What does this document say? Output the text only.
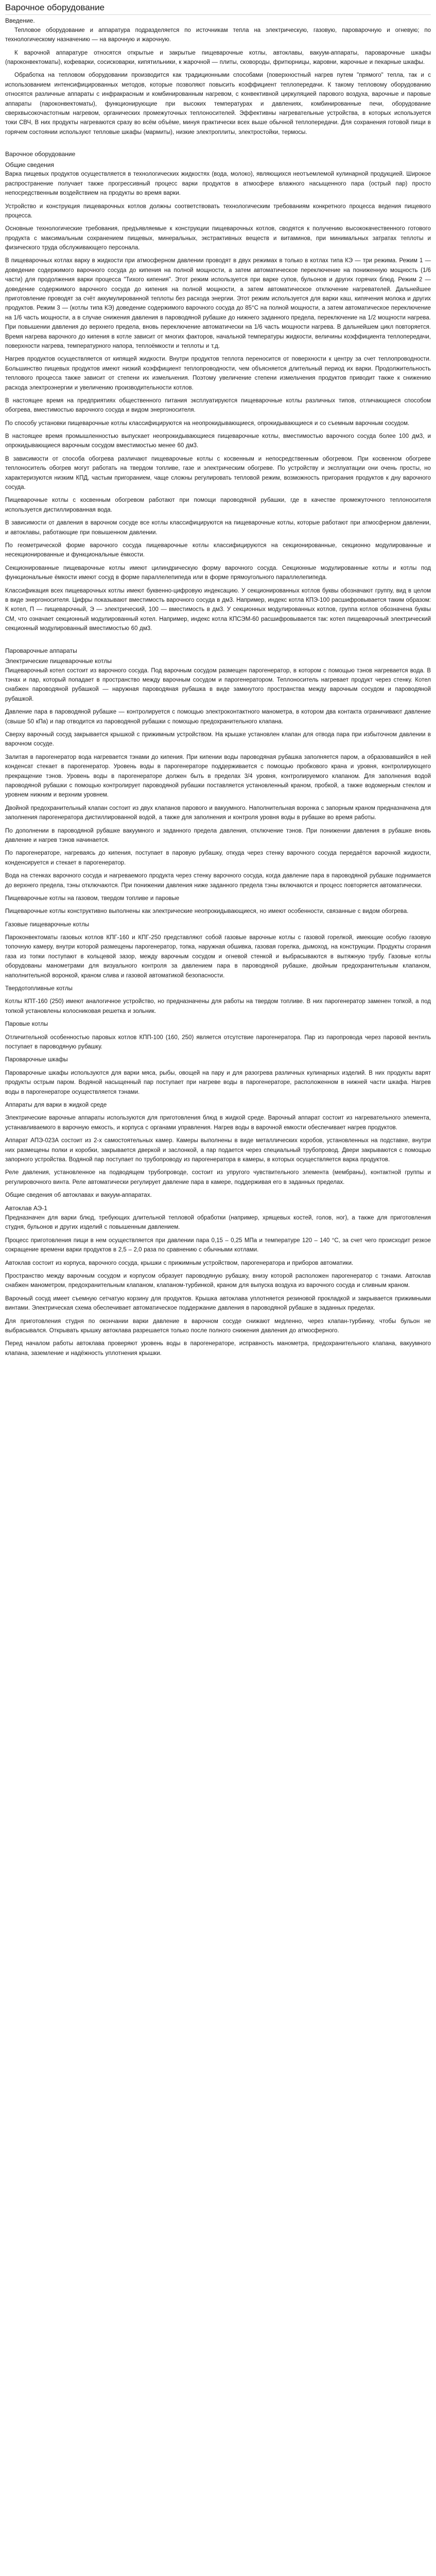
Варочное оборудование

Введение.

Тепловое оборудование и аппаратура подразделяется по источникам тепла на электрическую, газовую, пароварочную и огневую; по технологическому назначению — на варочную и жарочную.

К варочной аппаратуре относятся открытые и закрытые пищеварочные котлы, автоклавы, вакуум-аппараты, пароварочные шкафы (пароконвектоматы), кофеварки, сосисковарки, кипятильники, к жарочной — плиты, сковороды, фритюрницы, жаровни, жарочные и пекарные шкафы.

Обработка на тепловом оборудовании производится как традиционными способами (поверхностный нагрев путем "прямого" тепла, так и с использованием интенсифицированных методов, которые позволяют повысить коэффициент теплопередачи. К такому тепловому оборудованию относятся различные аппараты с инфракрасным и комбинированным нагревом, с конвективной циркуляцией парового воздуха, варочные и паровые аппараты (пароконвектоматы), функционирующие при высоких температурах и давлениях, комбинированные печи, оборудование сверхвысокочастотным нагревом, органических промежуточных теплоносителей. Эффективны нагревательные устройства, в которых используется токи СВЧ, В них продукты нагреваются сразу во всём объёме, минуя практически всех выше обычной теплопередачи. Для сохранения готовой пищи в горячем состоянии используют тепловые шкафы (мармиты), низкие электроплиты, электростойки, термосы.

Варочное оборудование

Общие сведения

Варка пищевых продуктов осуществляется в технологических жидкостях (вода, молоко), являющихся неотъемлемой кулинарной продукцией. Широкое распространение получает также прогрессивный процесс варки продуктов в атмосфере влажного насыщенного пара (острый пар) просто непосредственным воздействием на продукты во время варки.

Устройство и конструкция пищеварочных котлов должны соответствовать технологическим требованиям конкретного процесса ведения пищевого процесса.

Основные технологические требования, предъявляемые к конструкции пищеварочных котлов, сводятся к получению высококачественного готового продукта с максимальным сохранением пищевых, минеральных, экстрактивных веществ и витаминов, при минимальных затратах теплоты и физического труда обслуживающего персонала.

В пищеварочных котлах варку в жидкости при атмосферном давлении проводят в двух режимах в только в котлах типа КЭ — три режима. Режим 1 — доведение содержимого варочного сосуда до кипения на полной мощности, а затем автоматическое переключение на пониженную мощность (1/6 части) для продолжения варки процесса "Тихого кипения". Этот режим используется при варке супов, бульонов и других горячих блюд. Режим 2 — доведение содержимого варочного сосуда до кипения на полной мощности, а затем автоматическое отключение нагревателей. Дальнейшее приготовление проводят за счёт аккумулированной теплоты без расхода энергии. Этот режим используется для варки каш, кипячения молока и других продуктов. Режим 3 — (котлы типа КЭ) доведение содержимого варочного сосуда до 85°С на полной мощности, а затем автоматическое переключение на 1/6 часть мощности, а в случае снижения давления в пароводяной рубашке до нижнего заданного предела, переключение на 1/2 мощности нагрева. При повышении давления до верхнего предела, вновь переключение автоматически на 1/6 часть мощности нагрева. В дальнейшем цикл повторяется. Время нагрева варочного до кипения в котле зависит от многих факторов, начальной температуры жидкости, величины коэффициента теплопередачи, поверхности нагрева, температурного напора, теплоёмкости и теплоты и т.д.

Нагрев продуктов осуществляется от кипящей жидкости. Внутри продуктов теплота переносится от поверхности к центру за счет теплопроводности. Большинство пищевых продуктов имеют низкий коэффициент теплопроводности, чем объясняется длительный период их варки. Продолжительность теплового процесса также зависит от степени их измельчения. Поэтому увеличение степени измельчения продуктов приводит также к снижению расхода электроэнергии и увеличению производительности котлов.

В настоящее время на предприятиях общественного питания эксплуатируются пищеварочные котлы различных типов, отличающиеся способом обогрева, вместимостью варочного сосуда и видом энергоносителя.

По способу установки пищеварочные котлы классифицируются на неопрокидывающиеся, опрокидывающиеся и со съемным варочным сосудом.

В настоящее время промышленностью выпускает неопрокидывающиеся пищеварочные котлы, вместимостью варочного сосуда более 100 дм3, и опрокидывающиеся варочным сосудом вместимостью менее 60 дм3.

В зависимости от способа обогрева различают пищеварочные котлы с косвенным и непосредственным обогревом. При косвенном обогреве теплоноситель обогрев могут работать на твердом топливе, газе и электрическим обогреве. По устройству и эксплуатации они очень просты, но характеризуются низким КПД, частым пригоранием, чаще сложны регулировать тепловой режим, возможность пригорания продуктов к дну варочного сосуда.

Пищеварочные котлы с косвенным обогревом работают при помощи пароводяной рубашки, где в качестве промежуточного теплоносителя используется дистиллированная вода.

В зависимости от давления в варочном сосуде все котлы классифицируются на пищеварочные котлы, которые работают при атмосферном давлении, и автоклавы, работающие при повышенном давлении.

По геометрической форме варочного сосуда пищеварочные котлы классифицируются на секционированные, секционно модулированные и несекционированные и функциональные ёмкости.

Секционированные пищеварочные котлы имеют цилиндрическую форму варочного сосуда. Секционные модулированные котлы и котлы под функциональные ёмкости имеют сосуд в форме параллелепипеда или в форме прямоугольного параллелепипеда.

Классификация всех пищеварочных котлы имеют буквенно-цифровую индексацию. У секционированных котлов буквы обозначают группу, вид в целом в виде энергоносителя. Цифры показывают вместимость варочного сосуда в дм3. Например, индекс котла КПЭ-100 расшифровывается таким образом: К котел, П — пищеварочный, Э — электрический, 100 — вместимость в дм3. У секционных модулированных котлов, группа котлов обозначена буквы СМ, что означает секционный модулированный котел. Например, индекс котла КПСЭМ-60 расшифровывается так: котел пищеварочный электрический секционный модулированный вместимостью 60 дм3.

Пароварочные аппараты

Электрические пищеварочные котлы

Пищеварочный котел состоит из варочного сосуда. Под варочным сосудом размещен парогенератор, в котором с помощью тэнов нагревается вода. В тэнах и пар, который попадает в пространство между варочным сосудом и парогенератором. Теплоноситель нагревает продукт через стенку. Котел снабжен пароводяной рубашкой — наружная пароводяная рубашка в виде замкнутого пространства между варочным сосудом и пароводяной рубашкой.

Давление пара в пароводяной рубашке — контролируется с помощью электроконтактного манометра, в котором два контакта ограничивают давление (свыше 50 кПа) и пар отводится из пароводяной рубашки с помощью предохранительного клапана.

Сверху варочный сосуд закрывается крышкой с прижимным устройством. На крышке установлен клапан для отвода пара при избыточном давлении в варочном сосуде.

Залитая в парогенератор вода нагревается тэнами до кипения. При кипении воды пароводяная рубашка заполняется паром, а образовавшийся в ней конденсат стекает в парогенератор. Уровень воды в парогенераторе поддерживается с помощью пробкового крана и уровня, контролирующего прекращение тэнов. Уровень воды в парогенераторе должен быть в пределах 3/4 уровня, контролируемого клапаном. Для заполнения водой пароводяной рубашки с помощью контролирует пароводяной рубашки поставляется установленный краном, пробкой, а также водомерным стеклом и уровнем нижним и верхним уровнем.

Двойной предохранительный клапан состоит из двух клапанов парового и вакуумного. Наполнительная воронка с запорным краном предназначена для заполнения парогенератора дистиллированной водой, а также для заполнения и контроля уровня воды в рубашке во время работы.

По дополнении в пароводяной рубашке вакуумного и заданного предела давления, отключение тэнов. При понижении давления в рубашке вновь давление и нагрев тэнов начинается.

По парогенераторе, нагреваясь до кипения, поступает в паровую рубашку, откуда через стенку варочного сосуда передаётся варочной жидкости, конденсируется и стекает в парогенератор.

Вода на стенках варочного сосуда и нагреваемого продукта через стенку варочного сосуда, когда давление пара в пароводяной рубашке поднимается до верхнего предела, тэны отключаются. При понижении давления ниже заданного предела тэны включаются и процесс повторяется автоматически.

Пищеварочные котлы на газовом, твердом топливе и паровые

Пищеварочные котлы конструктивно выполнены как электрические неопрокидывающиеся, но имеют особенности, связанные с видом обогрева.

Газовые пищеварочные котлы

Пароконвектоматы газовых котлов КПГ-160 и КПГ-250 представляют собой газовые варочные котлы с газовой горелкой, имеющие особую газовую топочную камеру, внутри которой размещены парогенератор, топка, наружная обшивка, газовая горелка, дымоход, на конструкции. Продукты сгорания газа из топки поступают в кольцевой зазор, между варочным сосудом и огневой стенкой и выбрасываются в вытяжную трубу. Газовые котлы оборудованы манометрами для визуального контроля за давлением пара в пароводяной рубашке, двойным предохранительным клапаном, наполнительной воронкой, краном слива и газовой автоматикой безопасности.

Твердотопливные котлы

Котлы КПТ-160 (250) имеют аналогичное устройство, но предназначены для работы на твердом топливе. В них парогенератор заменен топкой, а под топкой установлены колосниковая решетка и зольник.

Паровые котлы

Отличительной особенностью паровых котлов КПП-100 (160, 250) является отсутствие парогенератора. Пар из паропровода через паровой вентиль поступает в пароводяную рубашку.

Пароварочные шкафы

Пароварочные шкафы используются для варки мяса, рыбы, овощей на пару и для разогрева различных кулинарных изделий. В них продукты варят продукты острым паром. Водяной насыщенный пар поступает при нагреве воды в парогенераторе, расположенном в нижней части шкафа. Нагрев воды в парогенераторе осуществляется тэнами.

Аппараты для варки в жидкой среде

Электрические варочные аппараты используются для приготовления блюд в жидкой среде. Варочный аппарат состоит из нагревательного элемента, устанавливаемого в варочную емкость, и корпуса с органами управления. Нагрев воды в варочной емкости обеспечивает нагрев продуктов.

Аппарат АПЭ-023А состоит из 2-х самостоятельных камер. Камеры выполнены в виде металлических коробов, установленных на подставке, внутри них размещены полки и коробки, закрывается дверкой и заслонкой, а пар подается через специальный трубопровод. Двери закрываются с помощью запорного устройства. Водяной пар поступает по трубопроводу из парогенератора в камеры, в которых осуществляется варка продуктов.

Реле давления, установленное на подводящем трубопроводе, состоит из упругого чувствительного элемента (мембраны), контактной группы и регулировочного винта. Реле автоматически регулирует давление пара в камере, поддерживая его в заданных пределах.

Общие сведения об автоклавах и вакуум-аппаратах.

Автоклав АЭ-1

Предназначен для варки блюд, требующих длительной тепловой обработки (например, хрящевых костей, голов, ног), а также для приготовления студня, бульонов и других изделий с повышенным давлением.

Процесс приготовления пищи в нем осуществляется при давлении пара 0,15 – 0,25 МПа и температуре 120 – 140 °С, за счет чего происходит резкое сокращение времени варки продуктов в 2,5 – 2,0 раза по сравнению с обычными котлами.

Автоклав состоит из корпуса, варочного сосуда, крышки с прижимным устройством, парогенератора и приборов автоматики.

Пространство между варочным сосудом и корпусом образует пароводяную рубашку, внизу которой расположен парогенератор с тэнами. Автоклав снабжен манометром, предохранительным клапаном, клапаном-турбинкой, краном для выпуска воздуха из варочного сосуда и сливным краном.

Варочный сосуд имеет съемную сетчатую корзину для продуктов. Крышка автоклава уплотняется резиновой прокладкой и закрывается прижимными винтами. Электрическая схема обеспечивает автоматическое поддержание давления в пароводяной рубашке в заданных пределах.

Для приготовления студня по окончании варки давление в варочном сосуде снижают медленно, через клапан-турбинку, чтобы бульон не выбрасывался. Открывать крышку автоклава разрешается только после полного снижения давления до атмосферного.

Перед началом работы автоклава проверяют уровень воды в парогенераторе, исправность манометра, предохранительного клапана, вакуумного клапана, заземление и надёжность уплотнения крышки.
